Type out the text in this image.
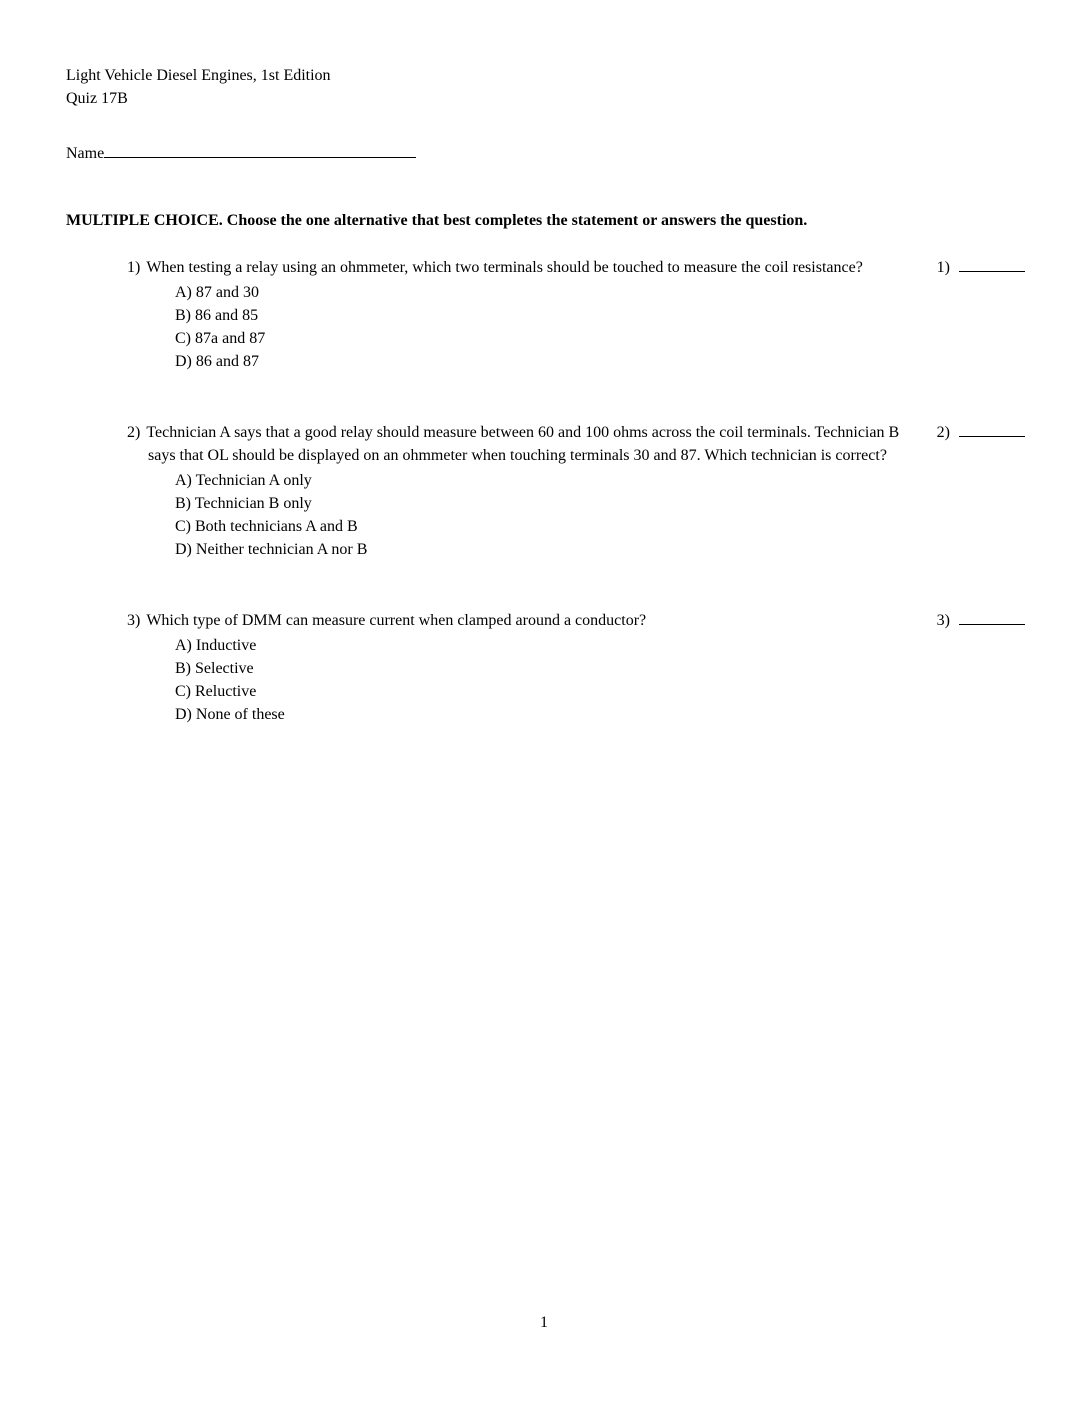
Light Vehicle Diesel Engines, 1st Edition
Quiz 17B
Name
MULTIPLE CHOICE. Choose the one alternative that best completes the statement or answers the question.
1) When testing a relay using an ohmmeter, which two terminals should be touched to measure the coil resistance?
A) 87 and 30
B) 86 and 85
C) 87a and 87
D) 86 and 87
1)
2) Technician A says that a good relay should measure between 60 and 100 ohms across the coil terminals. Technician B says that OL should be displayed on an ohmmeter when touching terminals 30 and 87. Which technician is correct?
A) Technician A only
B) Technician B only
C) Both technicians A and B
D) Neither technician A nor B
2)
3) Which type of DMM can measure current when clamped around a conductor?
A) Inductive
B) Selective
C) Reluctive
D) None of these
3)
1
